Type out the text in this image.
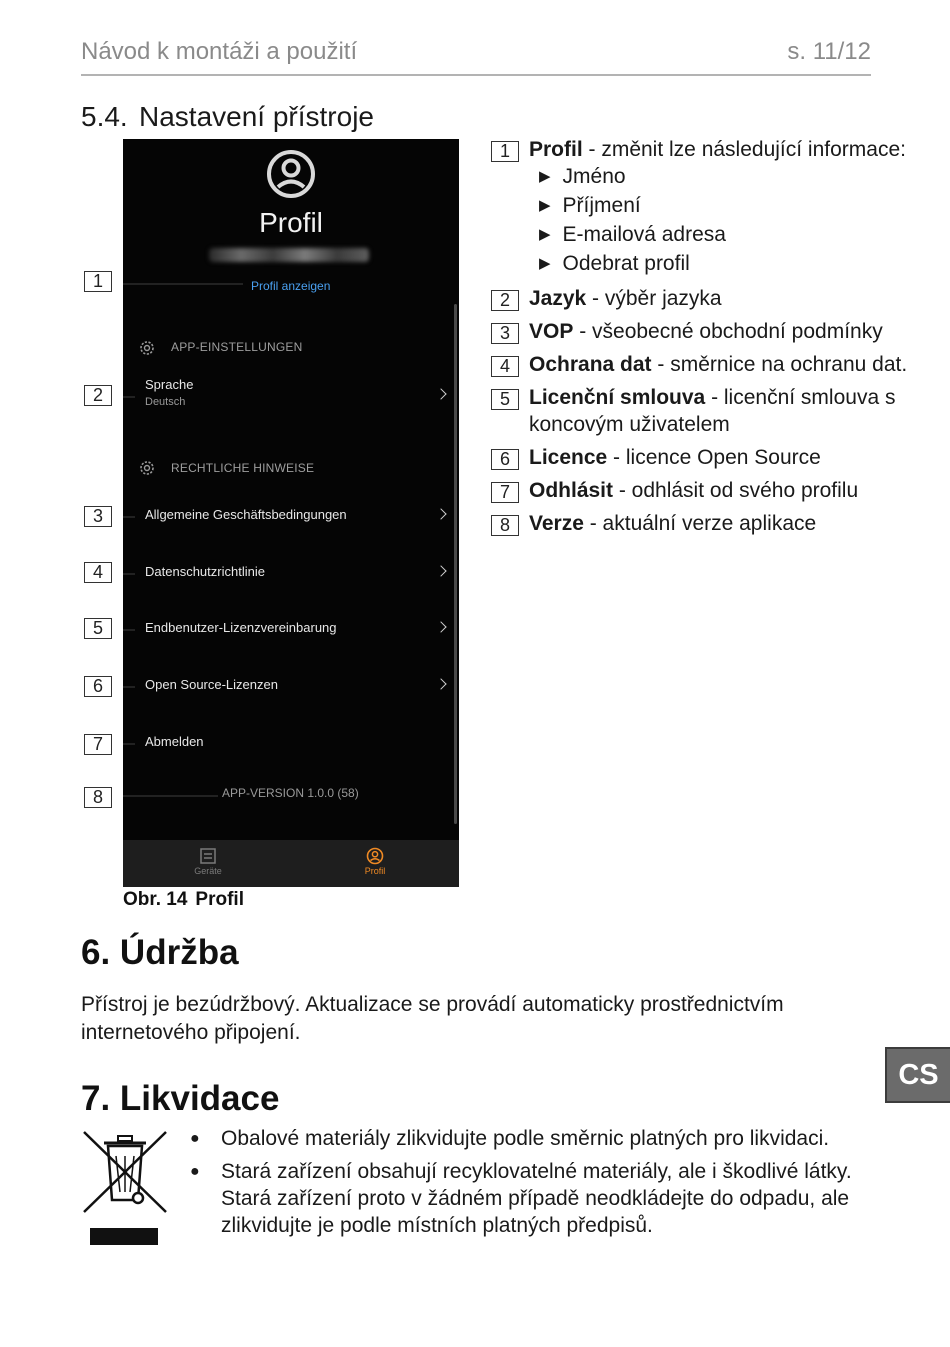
Návod k montáži a použití	s. 11/12
5.4. Nastavení přístroje
Profil
Profil anzeigen
APP-EINSTELLUNGEN
Sprache
Deutsch
RECHTLICHE HINWEISE
Allgemeine Geschäftsbedingungen
Datenschutzrichtlinie
Endbenutzer-Lizenzvereinbarung
Open Source-Lizenzen
Abmelden
APP-VERSION 1.0.0 (58)
Geräte	Profil
1
2
3
4
5
6
7
8
Obr. 14 Profil
1 Profil - změnit lze následující informace:
▶ Jméno
▶ Příjmení
▶ E-mailová adresa
▶ Odebrat profil
2 Jazyk - výběr jazyka
3 VOP - všeobecné obchodní podmínky
4 Ochrana dat - směrnice na ochranu dat.
5 Licenční smlouva - licenční smlouva s koncovým uživatelem
6 Licence - licence Open Source
7 Odhlásit - odhlásit od svého profilu
8 Verze - aktuální verze aplikace
6. Údržba
Přístroj je bezúdržbový. Aktualizace se provádí automaticky prostřednictvím internetového připojení.
CS
7. Likvidace
● Obalové materiály zlikvidujte podle směrnic platných pro likvidaci.
● Stará zařízení obsahují recyklovatelné materiály, ale i škodlivé látky. Stará zařízení proto v žádném případě neodkládejte do odpadu, ale zlikvidujte je podle místních platných předpisů.
